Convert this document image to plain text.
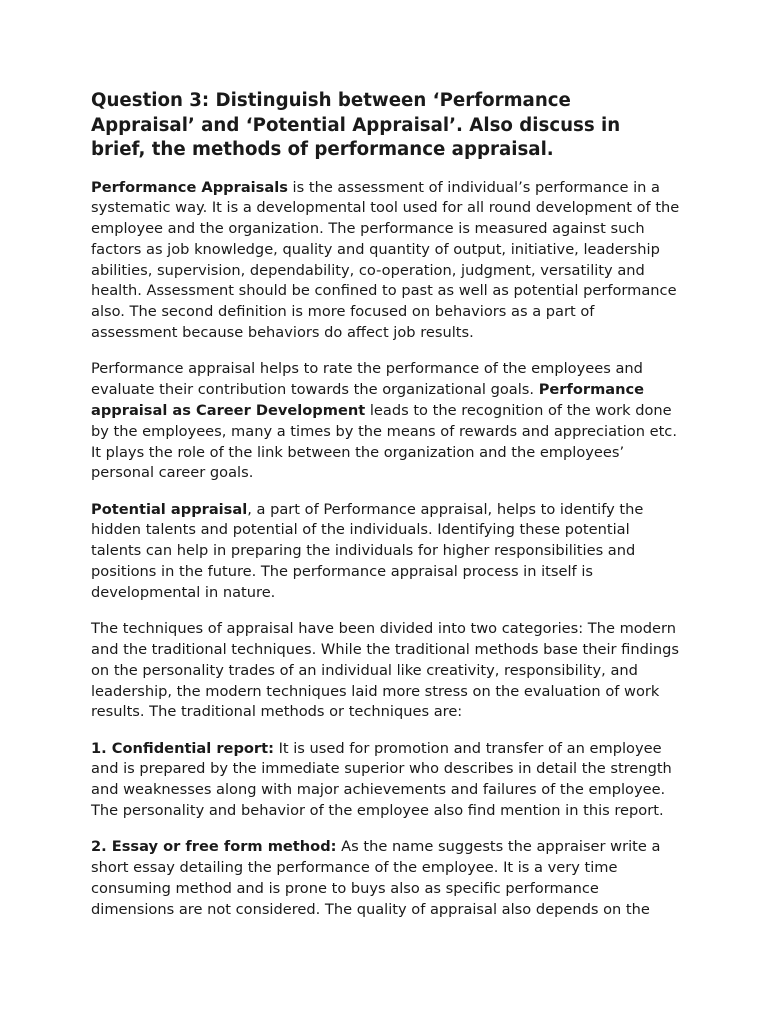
Question 3: Distinguish between ‘Performance Appraisal’ and ‘Potential Appraisal’. Also discuss in brief, the methods of performance appraisal.

Performance Appraisals is the assessment of individual’s performance in a systematic way. It is a developmental tool used for all round development of the employee and the organization. The performance is measured against such factors as job knowledge, quality and quantity of output, initiative, leadership abilities, supervision, dependability, co-operation, judgment, versatility and health. Assessment should be confined to past as well as potential performance also. The second definition is more focused on behaviors as a part of assessment because behaviors do affect job results.

Performance appraisal helps to rate the performance of the employees and evaluate their contribution towards the organizational goals. Performance appraisal as Career Development leads to the recognition of the work done by the employees, many a times by the means of rewards and appreciation etc. It plays the role of the link between the organization and the employees’ personal career goals.

Potential appraisal, a part of Performance appraisal, helps to identify the hidden talents and potential of the individuals. Identifying these potential talents can help in preparing the individuals for higher responsibilities and positions in the future. The performance appraisal process in itself is developmental in nature.

The techniques of appraisal have been divided into two categories: The modern and the traditional techniques. While the traditional methods base their findings on the personality trades of an individual like creativity, responsibility, and leadership, the modern techniques laid more stress on the evaluation of work results. The traditional methods or techniques are:

1. Confidential report: It is used for promotion and transfer of an employee and is prepared by the immediate superior who describes in detail the strength and weaknesses along with major achievements and failures of the employee. The personality and behavior of the employee also find mention in this report.

2. Essay or free form method: As the name suggests the appraiser write a short essay detailing the performance of the employee. It is a very time consuming method and is prone to buys also as specific performance dimensions are not considered. The quality of appraisal also depends on the
